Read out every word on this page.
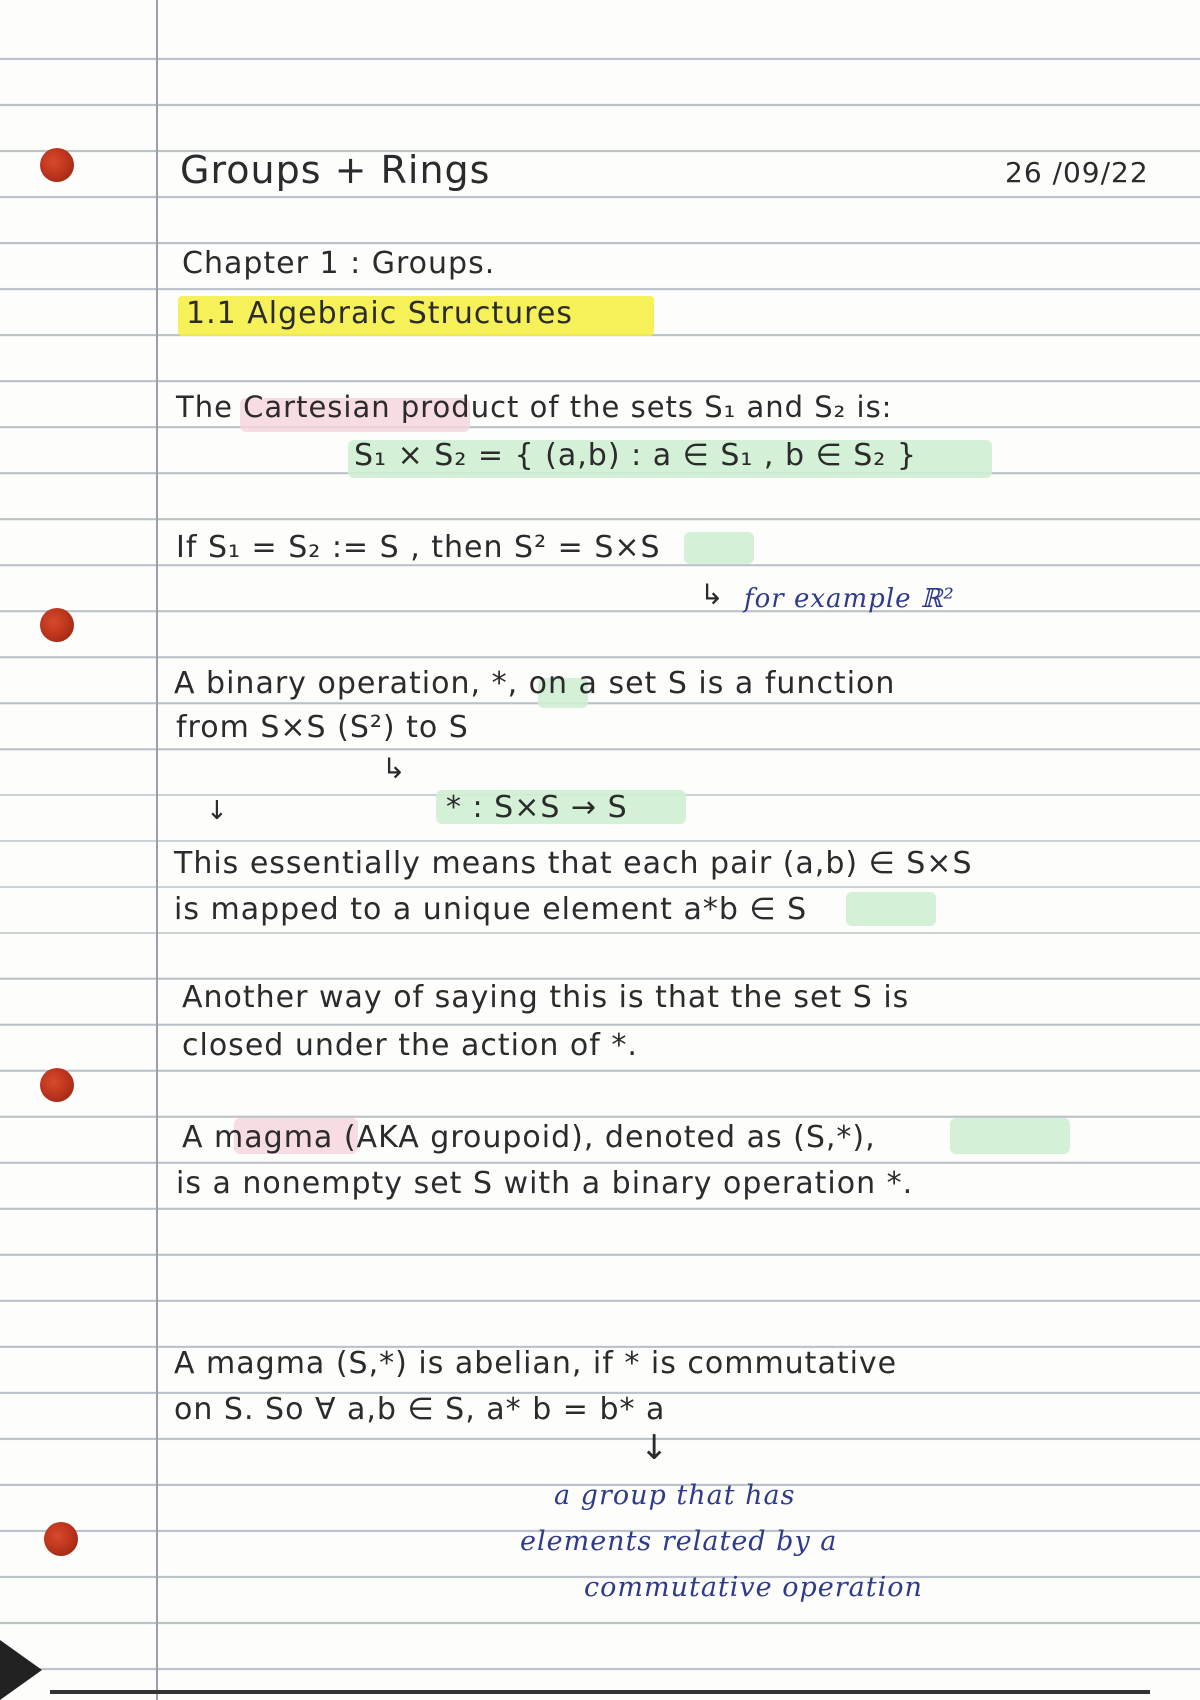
Groups + Rings	26 /09/22
Chapter 1 : Groups.
1.1 Algebraic Structures
The Cartesian product of the sets S₁ and S₂ is:
S₁ × S₂ = { (a,b) : a ∈ S₁ , b ∈ S₂ }
If S₁ = S₂ := S , then S² = S×S
↳ for example ℝ²
A binary operation, *, on a set S is a function
from S×S (S²) to S
↳
* : S×S → S
↓
This essentially means that each pair (a,b) ∈ S×S
is mapped to a unique element a*b ∈ S
Another way of saying this is that the set S is
closed under the action of *.
A magma (AKA groupoid), denoted as (S,*),
is a nonempty set S with a binary operation *.
A magma (S,*) is abelian, if * is commutative
on S. So ∀ a,b ∈ S, a* b = b* a
↓
a group that has
elements related by a
commutative operation
